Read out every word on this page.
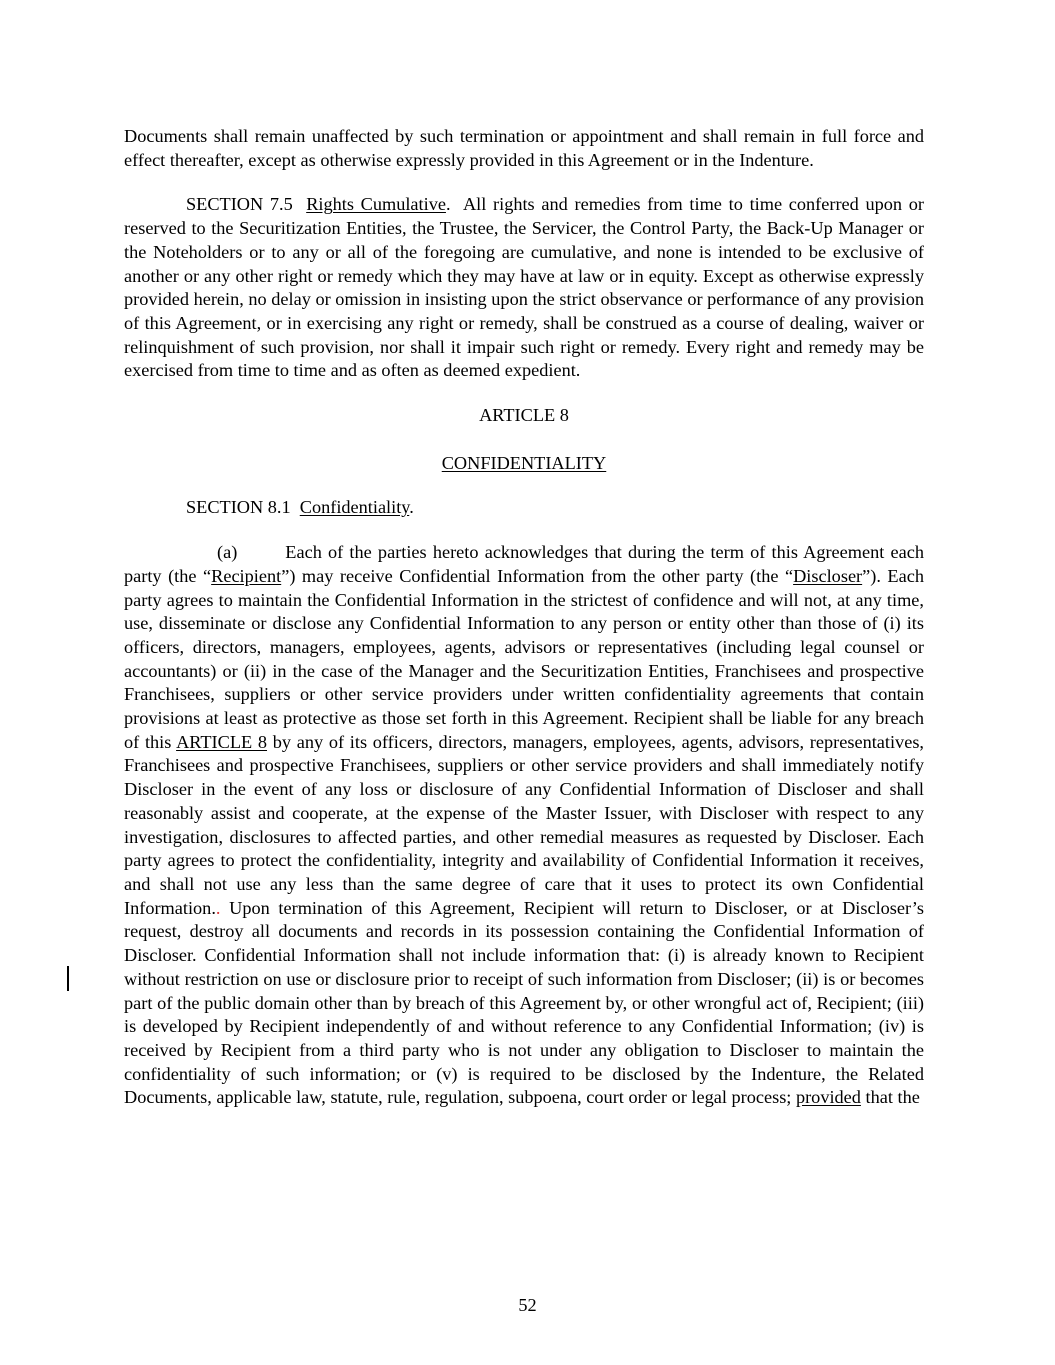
Documents shall remain unaffected by such termination or appointment and shall remain in full force and effect thereafter, except as otherwise expressly provided in this Agreement or in the Indenture.

SECTION 7.5 Rights Cumulative.  All rights and remedies from time to time conferred upon or reserved to the Securitization Entities, the Trustee, the Servicer, the Control Party, the Back-Up Manager or the Noteholders or to any or all of the foregoing are cumulative, and none is intended to be exclusive of another or any other right or remedy which they may have at law or in equity. Except as otherwise expressly provided herein, no delay or omission in insisting upon the strict observance or performance of any provision of this Agreement, or in exercising any right or remedy, shall be construed as a course of dealing, waiver or relinquishment of such provision, nor shall it impair such right or remedy. Every right and remedy may be exercised from time to time and as often as deemed expedient.

ARTICLE 8

CONFIDENTIALITY

SECTION 8.1 Confidentiality.

(a)	Each of the parties hereto acknowledges that during the term of this Agreement each party (the “Recipient”) may receive Confidential Information from the other party (the “Discloser”). Each party agrees to maintain the Confidential Information in the strictest of confidence and will not, at any time, use, disseminate or disclose any Confidential Information to any person or entity other than those of (i) its officers, directors, managers, employees, agents, advisors or representatives (including legal counsel or accountants) or (ii) in the case of the Manager and the Securitization Entities, Franchisees and prospective Franchisees, suppliers or other service providers under written confidentiality agreements that contain provisions at least as protective as those set forth in this Agreement. Recipient shall be liable for any breach of this ARTICLE 8 by any of its officers, directors, managers, employees, agents, advisors, representatives, Franchisees and prospective Franchisees, suppliers or other service providers and shall immediately notify Discloser in the event of any loss or disclosure of any Confidential Information of Discloser and shall reasonably assist and cooperate, at the expense of the Master Issuer, with Discloser with respect to any investigation, disclosures to affected parties, and other remedial measures as requested by Discloser. Each party agrees to protect the confidentiality, integrity and availability of Confidential Information it receives, and shall not use any less than the same degree of care that it uses to protect its own Confidential Information.. Upon termination of this Agreement, Recipient will return to Discloser, or at Discloser’s request, destroy all documents and records in its possession containing the Confidential Information of Discloser. Confidential Information shall not include information that: (i) is already known to Recipient without restriction on use or disclosure prior to receipt of such information from Discloser; (ii) is or becomes part of the public domain other than by breach of this Agreement by, or other wrongful act of, Recipient; (iii) is developed by Recipient independently of and without reference to any Confidential Information; (iv) is received by Recipient from a third party who is not under any obligation to Discloser to maintain the confidentiality of such information; or (v) is required to be disclosed by the Indenture, the Related Documents, applicable law, statute, rule, regulation, subpoena, court order or legal process; provided that the

52
